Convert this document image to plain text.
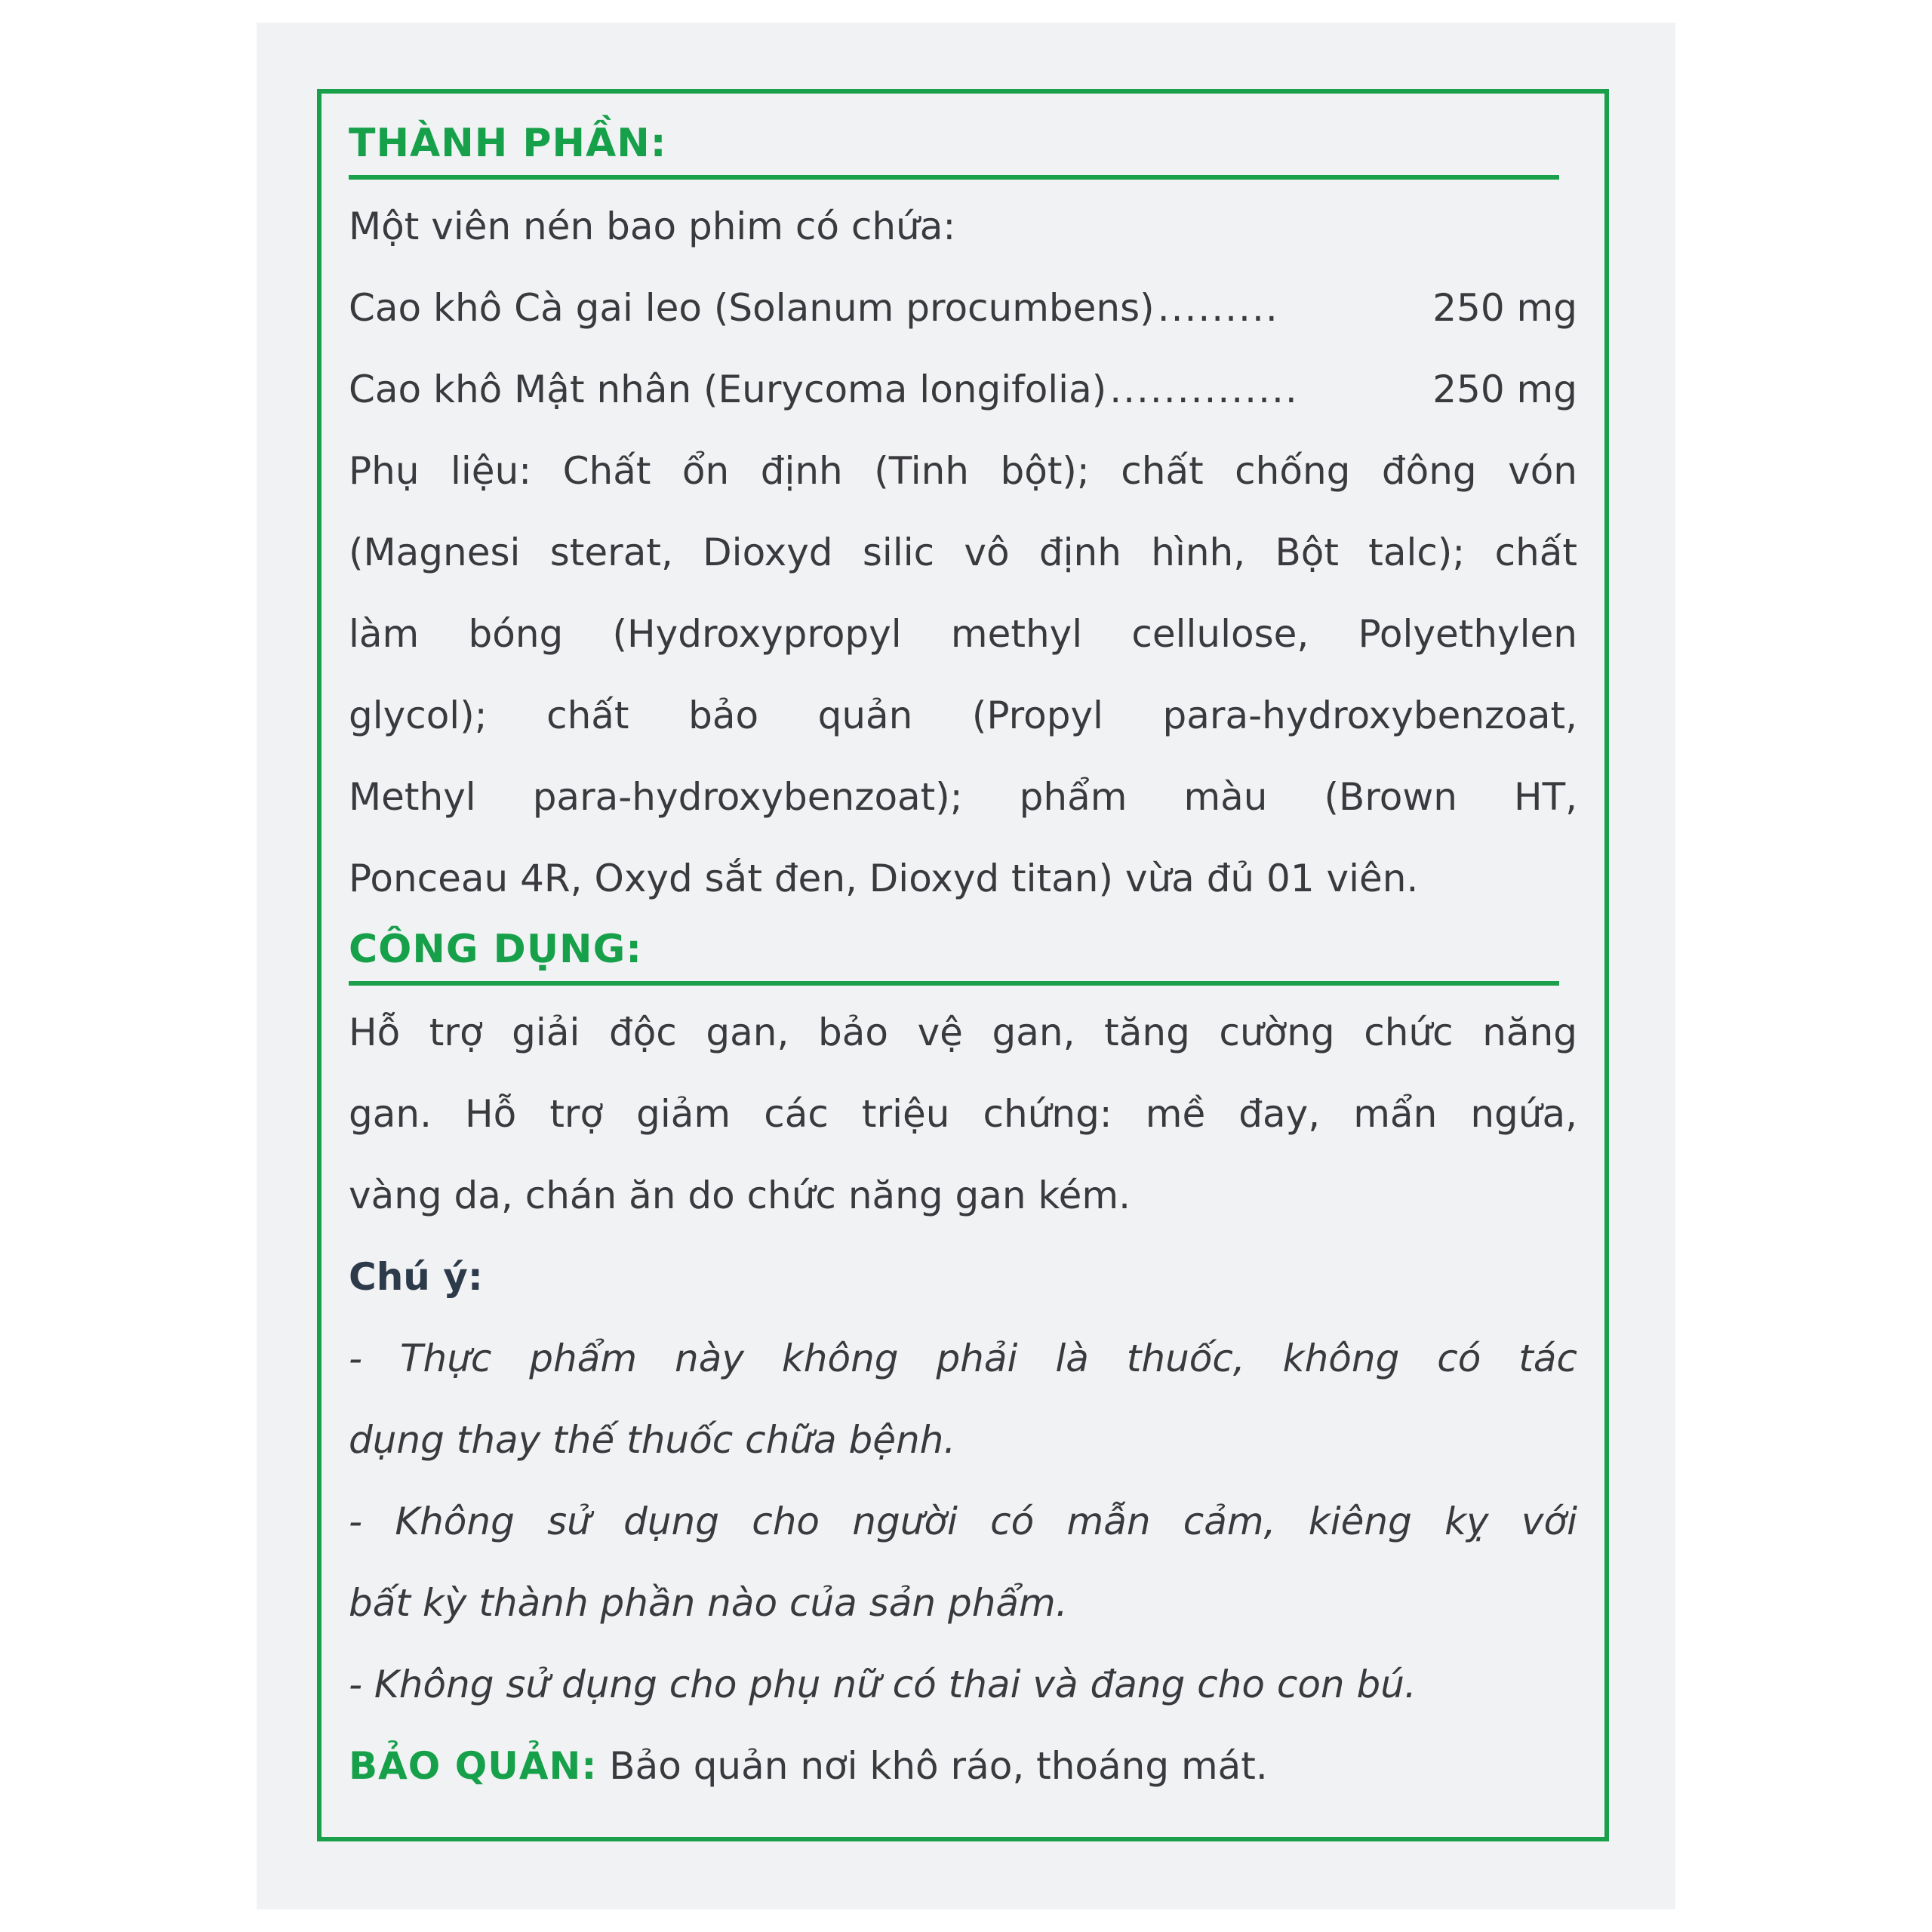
THÀNH PHẦN:
Một viên nén bao phim có chứa:
Cao khô Cà gai leo (Solanum procumbens) .........	250 mg
Cao khô Mật nhân (Eurycoma longifolia) ..............	250 mg
Phụ liệu: Chất ổn định (Tinh bột); chất chống đông vón
(Magnesi sterat, Dioxyd silic vô định hình, Bột talc); chất
làm bóng (Hydroxypropyl methyl cellulose, Polyethylen
glycol); chất bảo quản (Propyl para-hydroxybenzoat,
Methyl para-hydroxybenzoat); phẩm màu (Brown HT,
Ponceau 4R, Oxyd sắt đen, Dioxyd titan) vừa đủ 01 viên.
CÔNG DỤNG:
Hỗ trợ giải độc gan, bảo vệ gan, tăng cường chức năng
gan. Hỗ trợ giảm các triệu chứng: mề đay, mẩn ngứa,
vàng da, chán ăn do chức năng gan kém.
Chú ý:
- Thực phẩm này không phải là thuốc, không có tác
dụng thay thế thuốc chữa bệnh.
- Không sử dụng cho người có mẫn cảm, kiêng kỵ với
bất kỳ thành phần nào của sản phẩm.
- Không sử dụng cho phụ nữ có thai và đang cho con bú.
BẢO QUẢN: Bảo quản nơi khô ráo, thoáng mát.
